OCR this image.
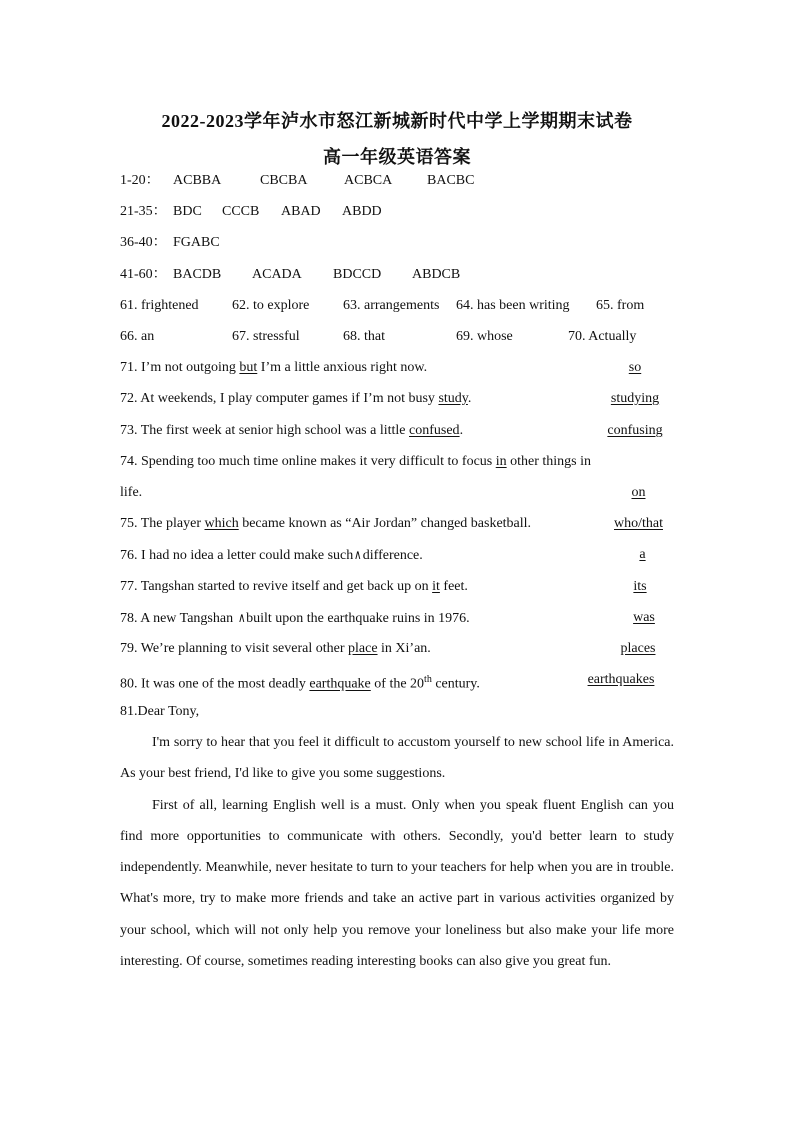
2022-2023学年泸水市怒江新城新时代中学上学期期末试卷
高一年级英语答案
1-20： ACBBA	CBCBA	ACBCA BACBC
21-35： BDC CCCB ABAD ABDD
36-40： FGABC
41-60： BACDB ACADA BDCCD ABDCB
61. frightened 62. to explore 63. arrangements 64. has been writing 65. from
66. an	67. stressful	68. that	69. whose	70. Actually
71. I’m not outgoing but I’m a little anxious right now.	so
72. At weekends, I play computer games if I’m not busy study.	studying
73. The first week at senior high school was a little confused.	confusing
74. Spending too much time online makes it very difficult to focus in other things in
life.	on
75. The player which became known as “Air Jordan” changed basketball.	who/that
76. I had no idea a letter could make such∧difference.	a
77. Tangshan started to revive itself and get back up on it feet.	its
78. A new Tangshan ∧built upon the earthquake ruins in 1976.	was
79. We’re planning to visit several other place in Xi’an.	places
80. It was one of the most deadly earthquake of the 20th century.	earthquakes
81.Dear Tony,

I'm sorry to hear that you feel it difficult to accustom yourself to new school life in America. As your best friend, I'd like to give you some suggestions.

First of all, learning English well is a must. Only when you speak fluent English can you find more opportunities to communicate with others. Secondly, you'd better learn to study independently. Meanwhile, never hesitate to turn to your teachers for help when you are in trouble. What's more, try to make more friends and take an active part in various activities organized by your school, which will not only help you remove your loneliness but also make your life more interesting. Of course, sometimes reading interesting books can also give you great fun.
